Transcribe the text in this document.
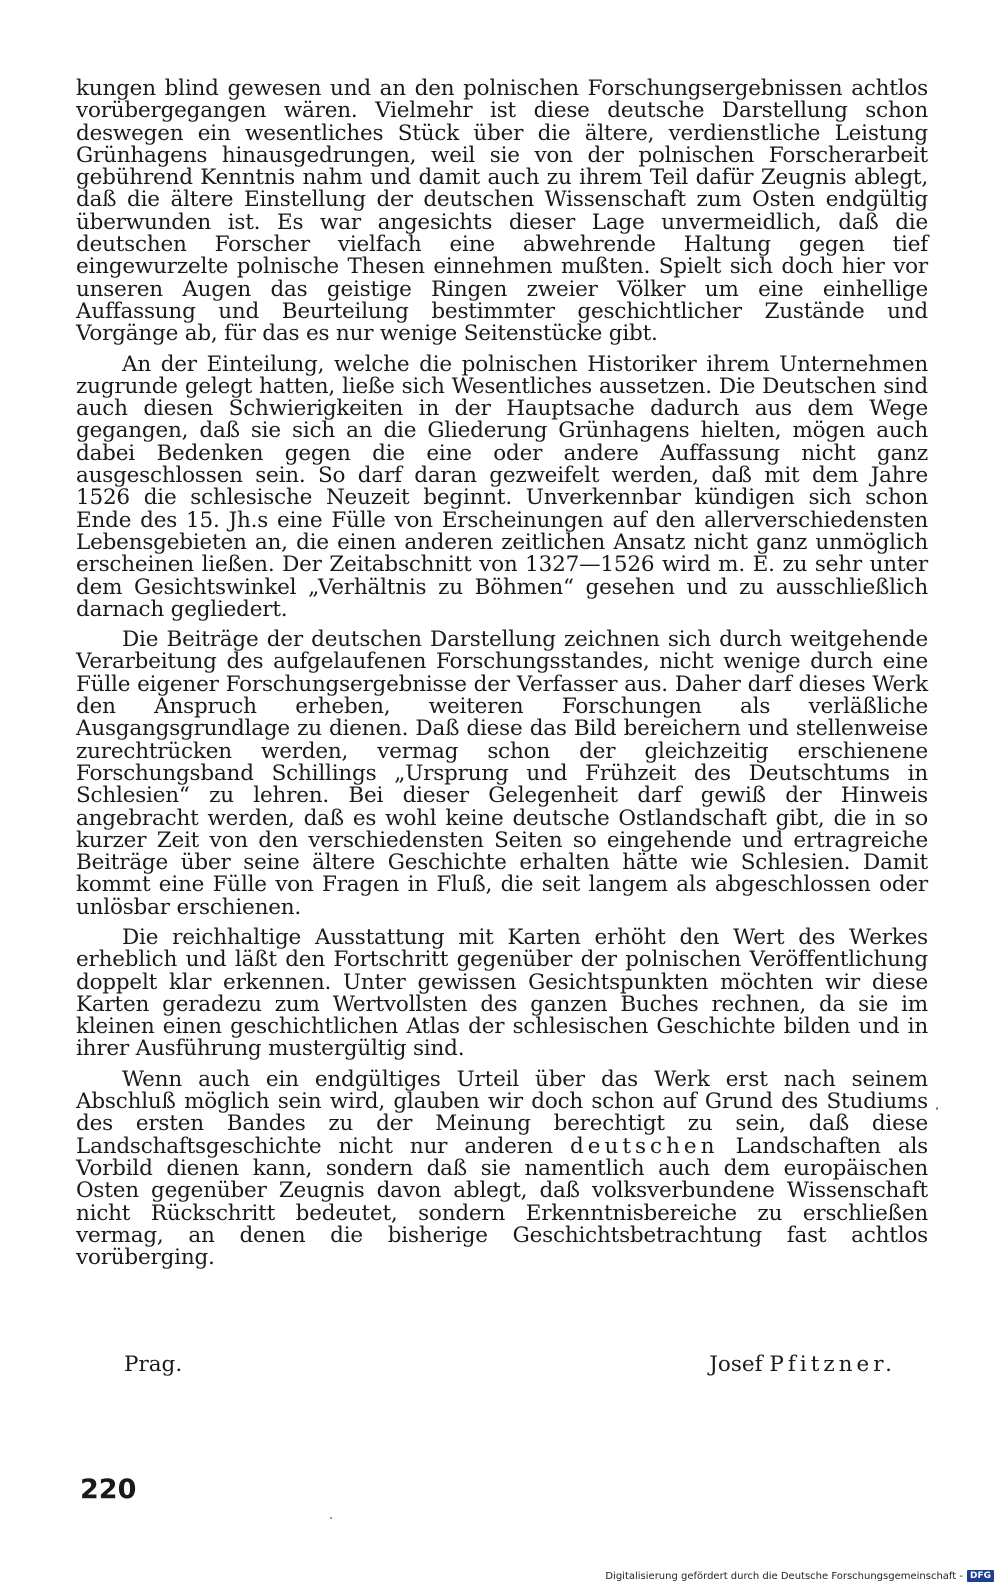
kungen blind gewesen und an den polnischen Forschungsergebnissen achtlos vorübergegangen wären. Vielmehr ist diese deutsche Darstellung schon deswegen ein wesentliches Stück über die ältere, verdienstliche Leistung Grünhagens hinausgedrungen, weil sie von der polnischen Forscherarbeit gebührend Kenntnis nahm und damit auch zu ihrem Teil dafür Zeugnis ablegt, daß die ältere Einstellung der deutschen Wissenschaft zum Osten endgültig überwunden ist. Es war angesichts dieser Lage unvermeidlich, daß die deutschen Forscher vielfach eine abwehrende Haltung gegen tief eingewurzelte polnische Thesen einnehmen mußten. Spielt sich doch hier vor unseren Augen das geistige Ringen zweier Völker um eine einhellige Auffassung und Beurteilung bestimmter geschichtlicher Zustände und Vorgänge ab, für das es nur wenige Seitenstücke gibt.

An der Einteilung, welche die polnischen Historiker ihrem Unternehmen zugrunde gelegt hatten, ließe sich Wesentliches aussetzen. Die Deutschen sind auch diesen Schwierigkeiten in der Hauptsache dadurch aus dem Wege gegangen, daß sie sich an die Gliederung Grünhagens hielten, mögen auch dabei Bedenken gegen die eine oder andere Auffassung nicht ganz ausgeschlossen sein. So darf daran gezweifelt werden, daß mit dem Jahre 1526 die schlesische Neuzeit beginnt. Unverkennbar kündigen sich schon Ende des 15. Jh.s eine Fülle von Erscheinungen auf den allerverschiedensten Lebensgebieten an, die einen anderen zeitlichen Ansatz nicht ganz unmöglich erscheinen ließen. Der Zeitabschnitt von 1327—1526 wird m. E. zu sehr unter dem Gesichtswinkel „Verhältnis zu Böhmen“ gesehen und zu ausschließlich darnach gegliedert.

Die Beiträge der deutschen Darstellung zeichnen sich durch weitgehende Verarbeitung des aufgelaufenen Forschungsstandes, nicht wenige durch eine Fülle eigener Forschungsergebnisse der Verfasser aus. Daher darf dieses Werk den Anspruch erheben, weiteren Forschungen als verläßliche Ausgangsgrundlage zu dienen. Daß diese das Bild bereichern und stellenweise zurechtrücken werden, vermag schon der gleichzeitig erschienene Forschungsband Schillings „Ursprung und Frühzeit des Deutschtums in Schlesien“ zu lehren. Bei dieser Gelegenheit darf gewiß der Hinweis angebracht werden, daß es wohl keine deutsche Ostlandschaft gibt, die in so kurzer Zeit von den verschiedensten Seiten so eingehende und ertragreiche Beiträge über seine ältere Geschichte erhalten hätte wie Schlesien. Damit kommt eine Fülle von Fragen in Fluß, die seit langem als abgeschlossen oder unlösbar erschienen.

Die reichhaltige Ausstattung mit Karten erhöht den Wert des Werkes erheblich und läßt den Fortschritt gegenüber der polnischen Veröffentlichung doppelt klar erkennen. Unter gewissen Gesichtspunkten möchten wir diese Karten geradezu zum Wertvollsten des ganzen Buches rechnen, da sie im kleinen einen geschichtlichen Atlas der schlesischen Geschichte bilden und in ihrer Ausführung mustergültig sind.

Wenn auch ein endgültiges Urteil über das Werk erst nach seinem Abschluß möglich sein wird, glauben wir doch schon auf Grund des Studiums des ersten Bandes zu der Meinung berechtigt zu sein, daß diese Landschaftsgeschichte nicht nur anderen deutschen Landschaften als Vorbild dienen kann, sondern daß sie namentlich auch dem europäischen Osten gegenüber Zeugnis davon ablegt, daß volksverbundene Wissenschaft nicht Rückschritt bedeutet, sondern Erkenntnisbereiche zu erschließen vermag, an denen die bisherige Geschichtsbetrachtung fast achtlos vorüberging.

Prag.	Josef Pfitzner.
220
Digitalisierung gefördert durch die Deutsche Forschungsgemeinschaft - DFG
